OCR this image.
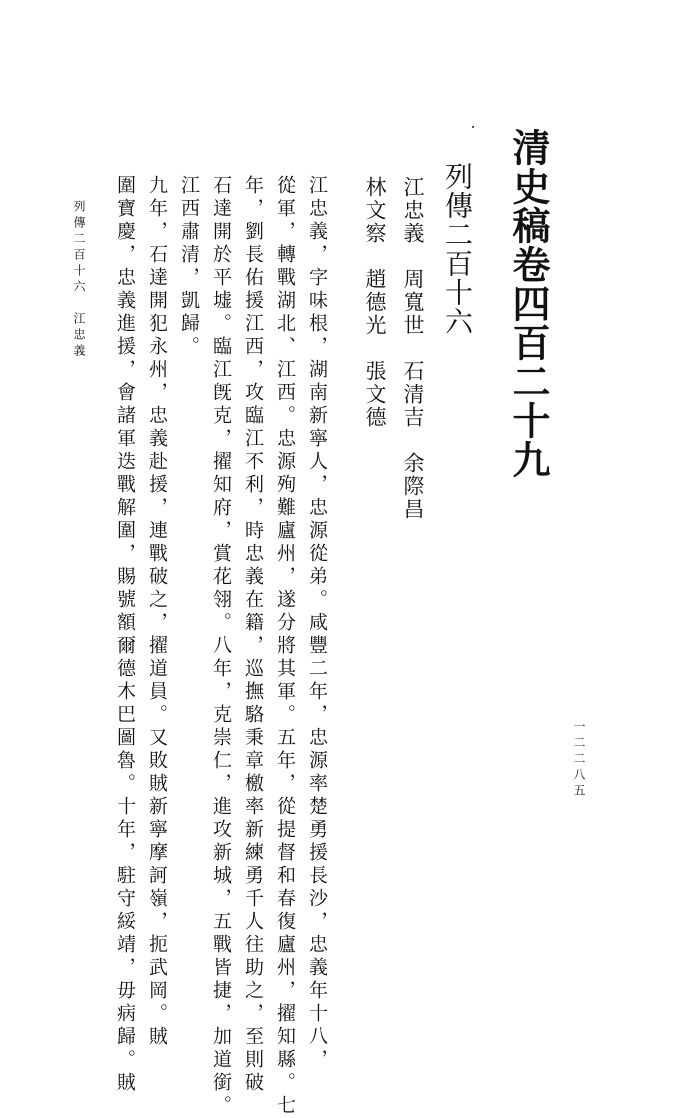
清史稿卷四百二十九
列傳二百十六
江忠義　周寬世　石清吉　余際昌
林文察　趙德光　張文德
江忠義，字味根，湖南新寧人，忠源從弟。咸豐二年，忠源率楚勇援長沙，忠義年十八，
從軍，轉戰湖北、江西。忠源殉難廬州，遂分將其軍。五年，從提督和春復廬州，擢知縣。七
年，劉長佑援江西，攻臨江不利，時忠義在籍，巡撫駱秉章檄率新練勇千人往助之，至則破
石達開於平墟。臨江旣克，擢知府，賞花翎。八年，克崇仁，進攻新城，五戰皆捷，加道銜。
江西肅清，凱歸。
九年，石達開犯永州，忠義赴援，連戰破之，擢道員。又敗賊新寧摩訶嶺，扼武岡。賊
圍寶慶，忠義進援，會諸軍迭戰解圍，賜號額爾德木巴圖魯。十年，駐守綏靖，毋病歸。賊
列傳二百十六　江忠義
一二二八五
